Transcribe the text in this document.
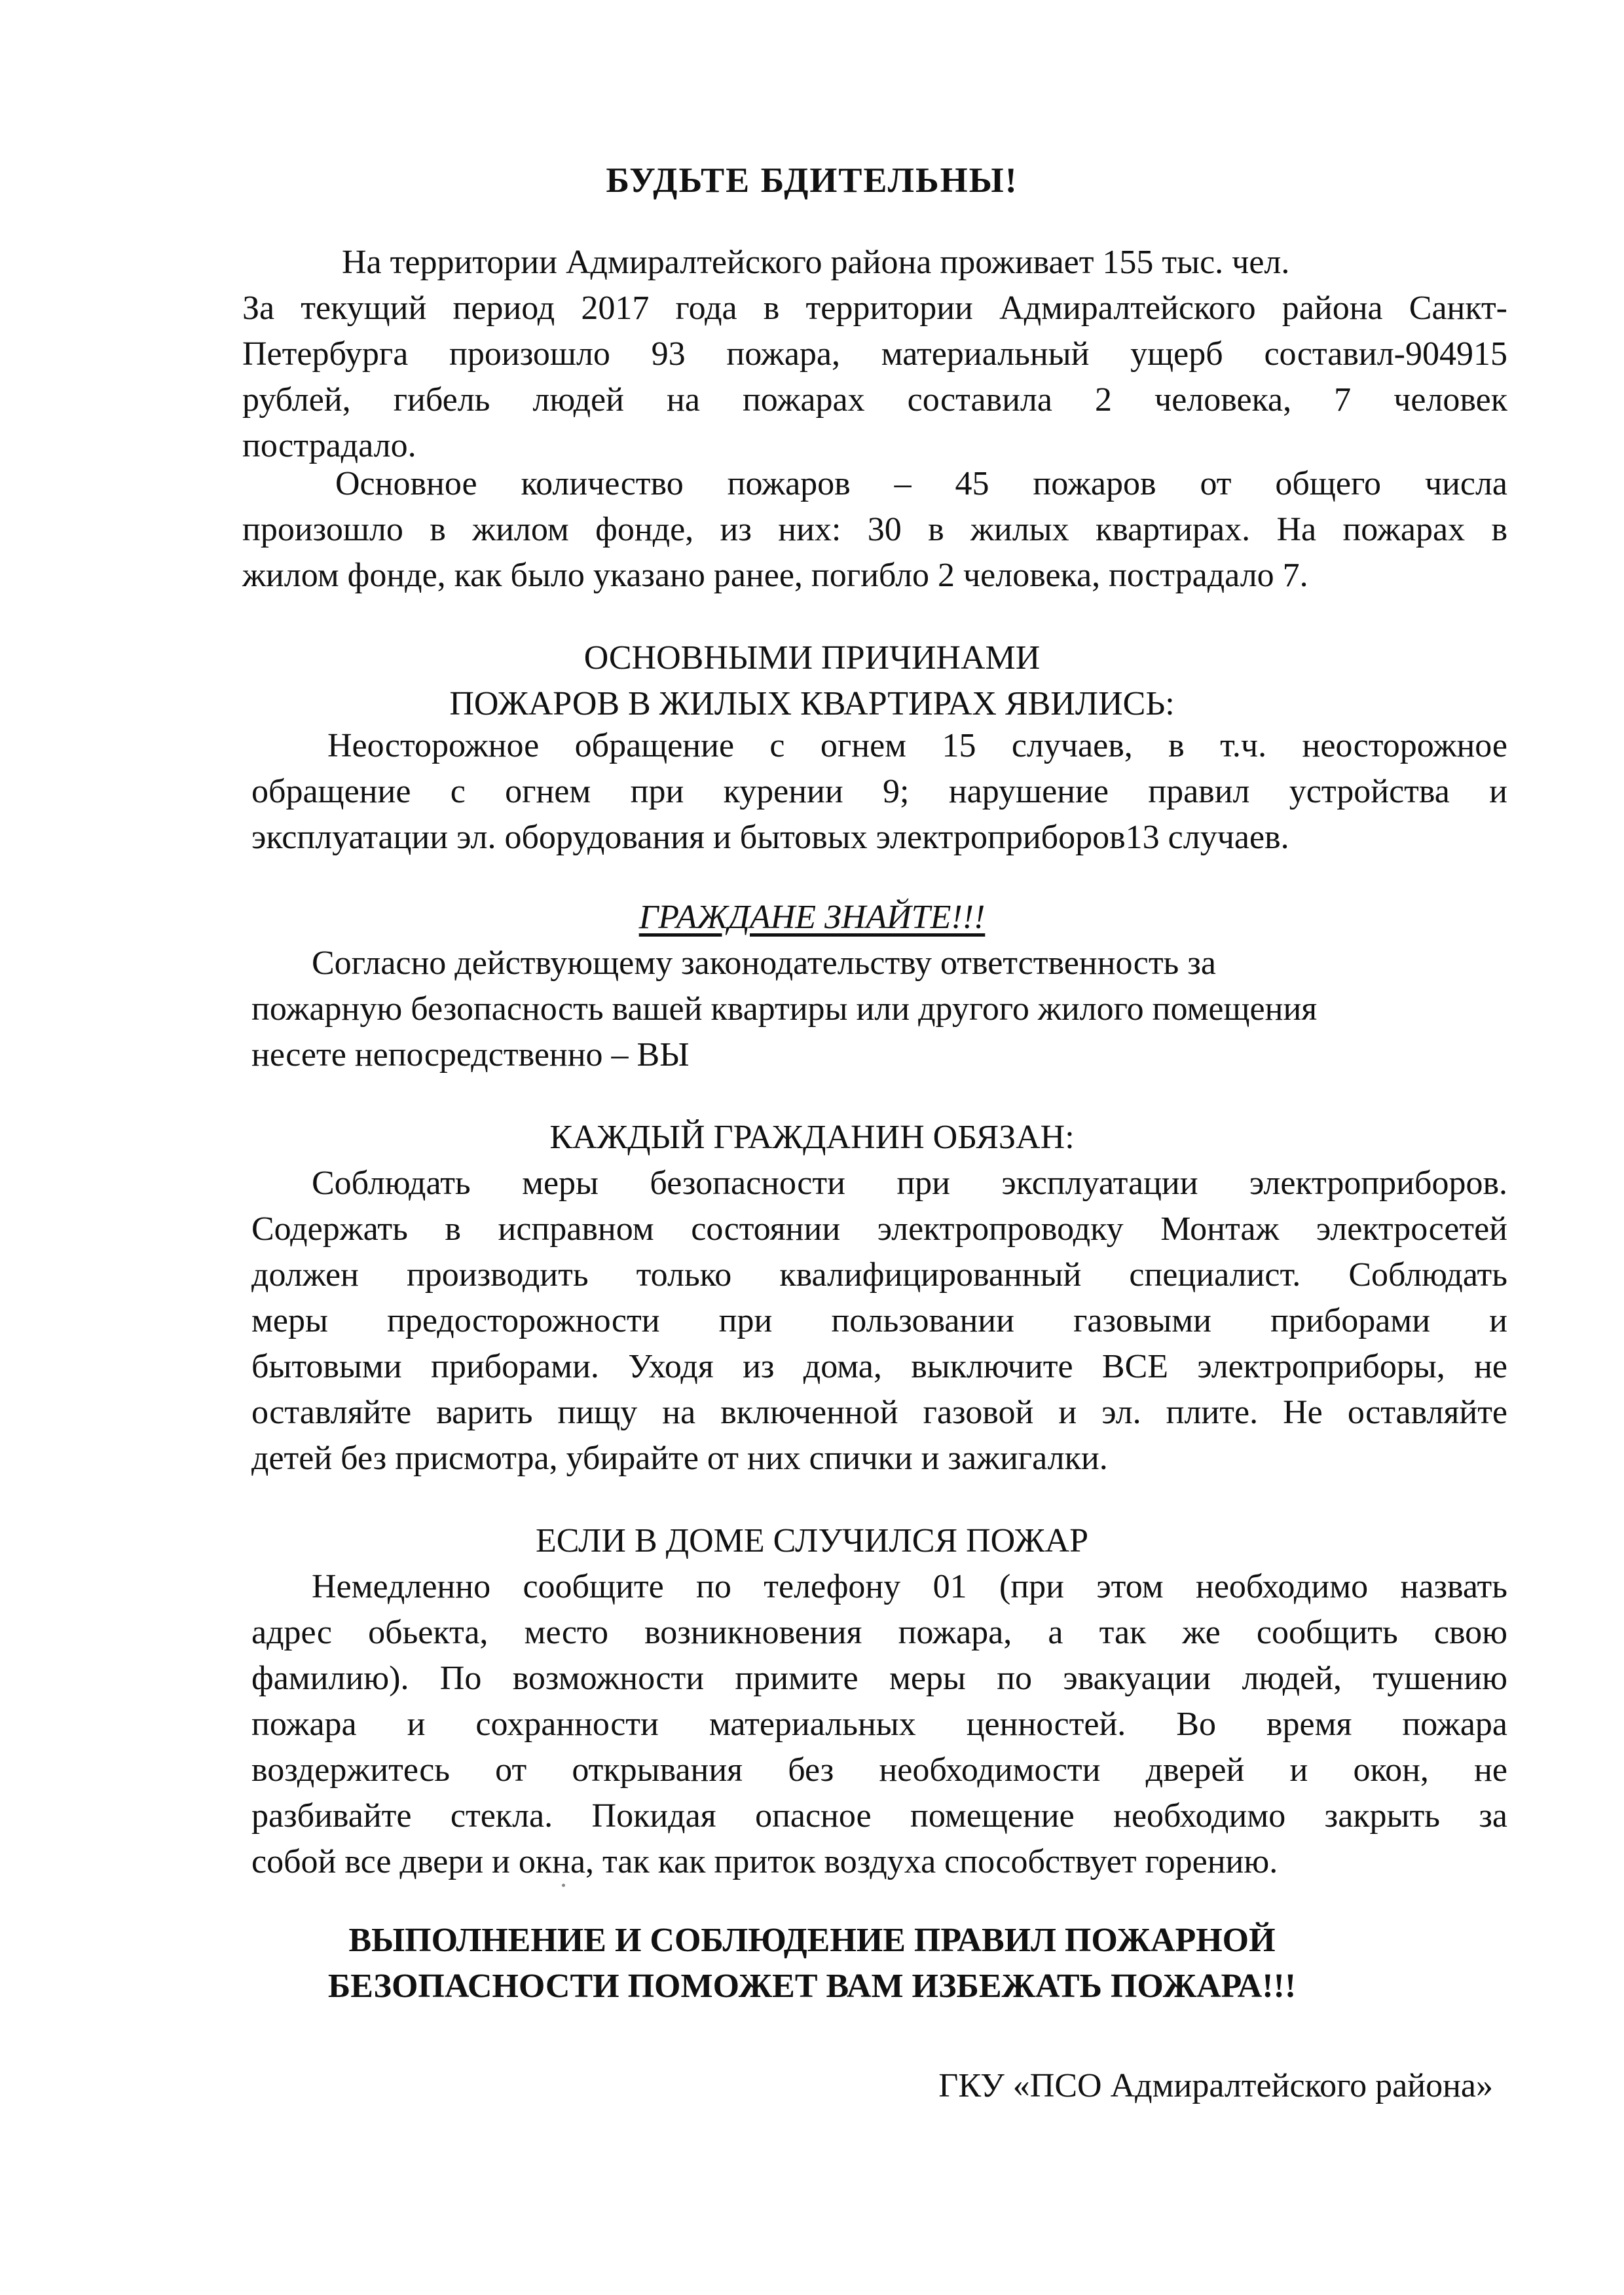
БУДЬТЕ БДИТЕЛЬНЫ!
На территории Адмиралтейского района проживает 155 тыс. чел.
За текущий период 2017 года в территории Адмиралтейского района Санкт-
Петербурга произошло 93 пожара, материальный ущерб составил-904915
рублей, гибель людей на пожарах составила 2 человека, 7 человек
пострадало.
Основное количество пожаров – 45 пожаров от общего числа
произошло в жилом фонде, из них: 30 в жилых квартирах. На пожарах в
жилом фонде, как было указано ранее, погибло 2 человека, пострадало 7.
ОСНОВНЫМИ ПРИЧИНАМИ
ПОЖАРОВ В ЖИЛЫХ КВАРТИРАХ ЯВИЛИСЬ:
Неосторожное обращение с огнем 15 случаев, в т.ч. неосторожное
обращение с огнем при курении 9; нарушение правил устройства и
эксплуатации эл. оборудования и бытовых электроприборов13 случаев.
ГРАЖДАНЕ ЗНАЙТЕ!!!
Согласно действующему законодательству ответственность за
пожарную безопасность вашей квартиры или другого жилого помещения
несете непосредственно – ВЫ
КАЖДЫЙ ГРАЖДАНИН ОБЯЗАН:
Соблюдать меры безопасности при эксплуатации электроприборов.
Содержать в исправном состоянии электропроводку Монтаж электросетей
должен производить только квалифицированный специалист. Соблюдать
меры предосторожности при пользовании газовыми приборами и
бытовыми приборами. Уходя из дома, выключите ВСЕ электроприборы, не
оставляйте варить пищу на включенной газовой и эл. плите. Не оставляйте
детей без присмотра, убирайте от них спички и зажигалки.
ЕСЛИ В ДОМЕ СЛУЧИЛСЯ ПОЖАР
Немедленно сообщите по телефону 01 (при этом необходимо назвать
адрес обьекта, место возникновения пожара, а так же сообщить свою
фамилию). По возможности примите меры по эвакуации людей, тушению
пожара и сохранности материальных ценностей. Во время пожара
воздержитесь от открывания без необходимости дверей и окон, не
разбивайте стекла. Покидая опасное помещение необходимо закрыть за
собой все двери и окна, так как приток воздуха способствует горению.
ВЫПОЛНЕНИЕ И СОБЛЮДЕНИЕ ПРАВИЛ ПОЖАРНОЙ
БЕЗОПАСНОСТИ ПОМОЖЕТ ВАМ ИЗБЕЖАТЬ ПОЖАРА!!!
ГКУ «ПСО Адмиралтейского района»
